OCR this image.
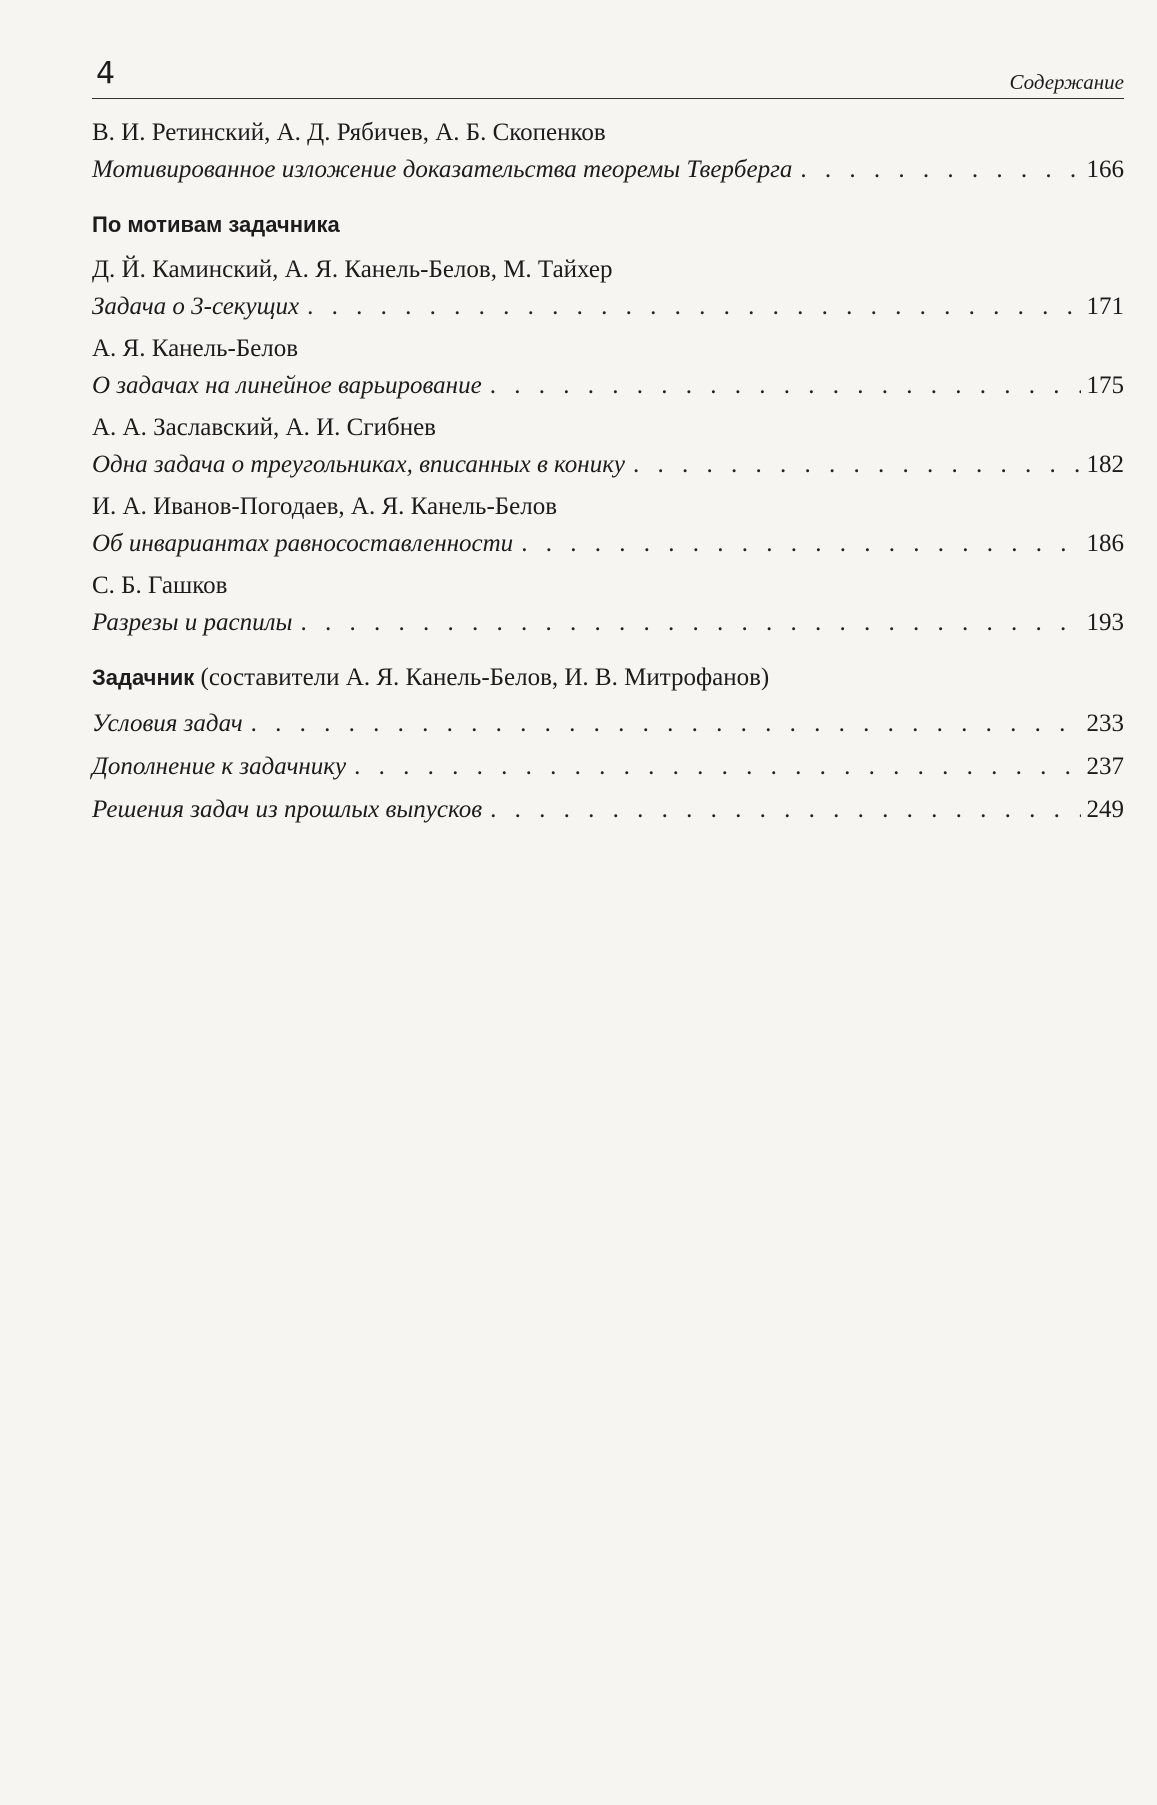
4	Содержание
В. И. Ретинский, А. Д. Рябичев, А. Б. Скопенков
Мотивированное изложение доказательства теоремы Тверберга . . .	166
По мотивам задачника
Д. Й. Каминский, А. Я. Канель-Белов, М. Тайхер
Задача о 3-секущих . . .	171
А. Я. Канель-Белов
О задачах на линейное варьирование . . .	175
А. А. Заславский, А. И. Сгибнев
Одна задача о треугольниках, вписанных в конику . . .	182
И. А. Иванов-Погодаев, А. Я. Канель-Белов
Об инвариантах равносоставленности . . .	186
С. Б. Гашков
Разрезы и распилы . . .	193
Задачник (составители А. Я. Канель-Белов, И. В. Митрофанов)
Условия задач . . .	233
Дополнение к задачнику . . .	237
Решения задач из прошлых выпусков . . .	249
